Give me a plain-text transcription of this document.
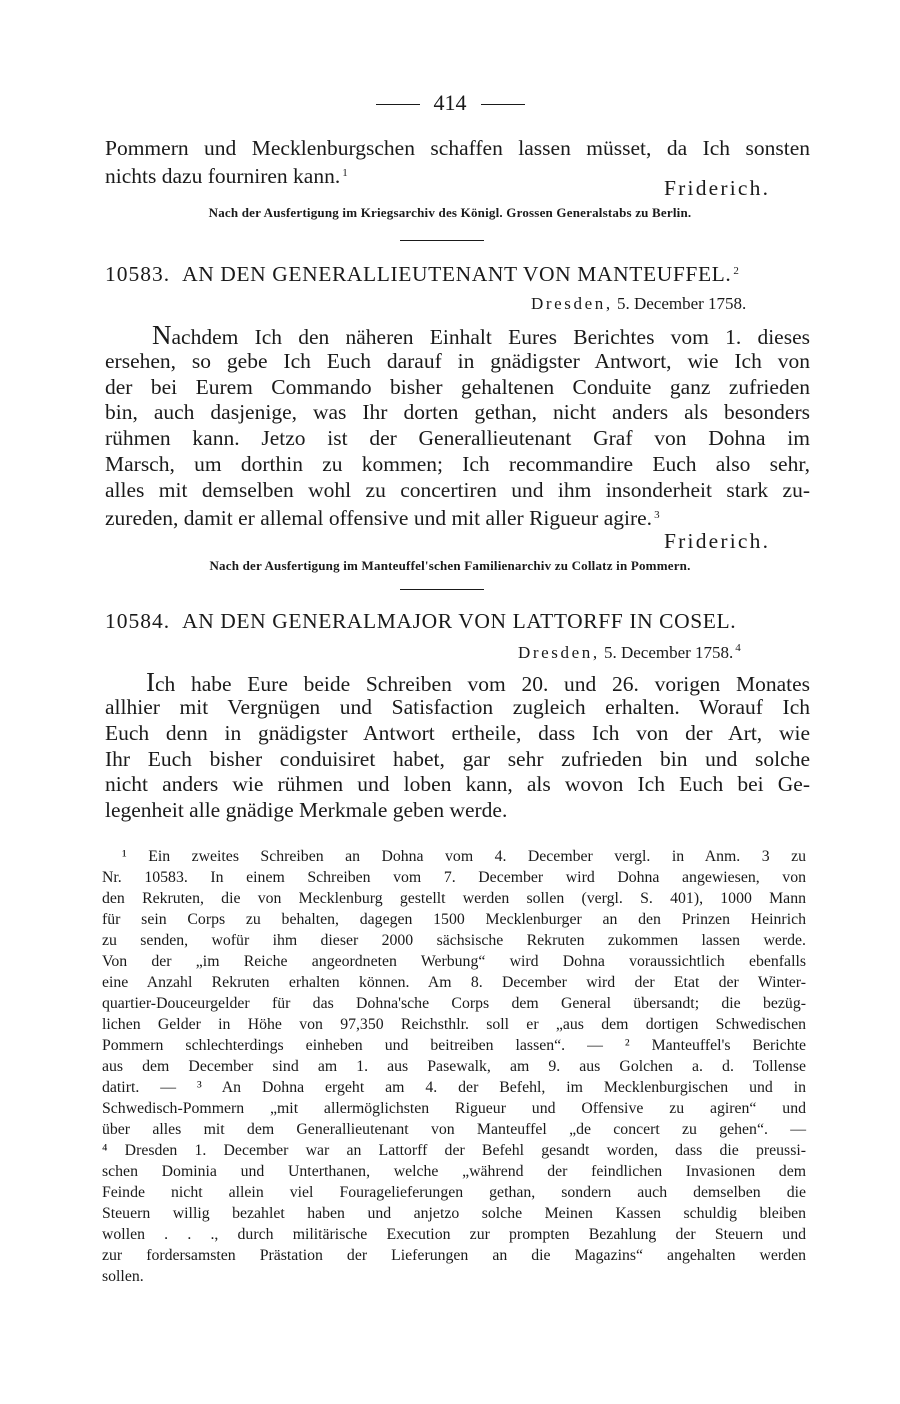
414
Pommern und Mecklenburgschen schaffen lassen müsset, da Ich sonsten
nichts dazu fourniren kann. $^1$
Friderich.
Nach der Ausfertigung im Kriegsarchiv des Königl. Grossen Generalstabs zu Berlin.
10583. AN DEN GENERALLIEUTENANT VON MANTEUFFEL. $^2$
Dresden, 5. December 1758.
Nachdem Ich den näheren Einhalt Eures Berichtes vom 1. dieses
ersehen, so gebe Ich Euch darauf in gnädigster Antwort, wie Ich von
der bei Eurem Commando bisher gehaltenen Conduite ganz zufrieden
bin, auch dasjenige, was Ihr dorten gethan, nicht anders als besonders
rühmen kann. Jetzo ist der Generallieutenant Graf von Dohna im
Marsch, um dorthin zu kommen; Ich recommandire Euch also sehr,
alles mit demselben wohl zu concertiren und ihm insonderheit stark zu-
zureden, damit er allemal offensive und mit aller Rigueur agire. $^3$
Friderich.
Nach der Ausfertigung im Manteuffel'schen Familienarchiv zu Collatz in Pommern.
10584. AN DEN GENERALMAJOR VON LATTORFF IN COSEL.
Dresden, 5. December 1758. $^4$
Ich habe Eure beide Schreiben vom 20. und 26. vorigen Monates
allhier mit Vergnügen und Satisfaction zugleich erhalten. Worauf Ich
Euch denn in gnädigster Antwort ertheile, dass Ich von der Art, wie
Ihr Euch bisher conduisiret habet, gar sehr zufrieden bin und solche
nicht anders wie rühmen und loben kann, als wovon Ich Euch bei Ge-
legenheit alle gnädige Merkmale geben werde.
¹ Ein zweites Schreiben an Dohna vom 4. December vergl. in Anm. 3 zu
Nr. 10583. In einem Schreiben vom 7. December wird Dohna angewiesen, von
den Rekruten, die von Mecklenburg gestellt werden sollen (vergl. S. 401), 1000 Mann
für sein Corps zu behalten, dagegen 1500 Mecklenburger an den Prinzen Heinrich
zu senden, wofür ihm dieser 2000 sächsische Rekruten zukommen lassen werde.
Von der „im Reiche angeordneten Werbung“ wird Dohna voraussichtlich ebenfalls
eine Anzahl Rekruten erhalten können. Am 8. December wird der Etat der Winter-
quartier-Douceurgelder für das Dohna'sche Corps dem General übersandt; die bezüg-
lichen Gelder in Höhe von 97,350 Reichsthlr. soll er „aus dem dortigen Schwedischen
Pommern schlechterdings einheben und beitreiben lassen“. — ² Manteuffel's Berichte
aus dem December sind am 1. aus Pasewalk, am 9. aus Golchen a. d. Tollense
datirt. — ³ An Dohna ergeht am 4. der Befehl, im Mecklenburgischen und in
Schwedisch-Pommern „mit allermöglichsten Rigueur und Offensive zu agiren“ und
über alles mit dem Generallieutenant von Manteuffel „de concert zu gehen“. —
⁴ Dresden 1. December war an Lattorff der Befehl gesandt worden, dass die preussi-
schen Dominia und Unterthanen, welche „während der feindlichen Invasionen dem
Feinde nicht allein viel Fouragelieferungen gethan, sondern auch demselben die
Steuern willig bezahlet haben und anjetzo solche Meinen Kassen schuldig bleiben
wollen . . ., durch militärische Execution zur prompten Bezahlung der Steuern und
zur fordersamsten Prästation der Lieferungen an die Magazins“ angehalten werden
sollen.
